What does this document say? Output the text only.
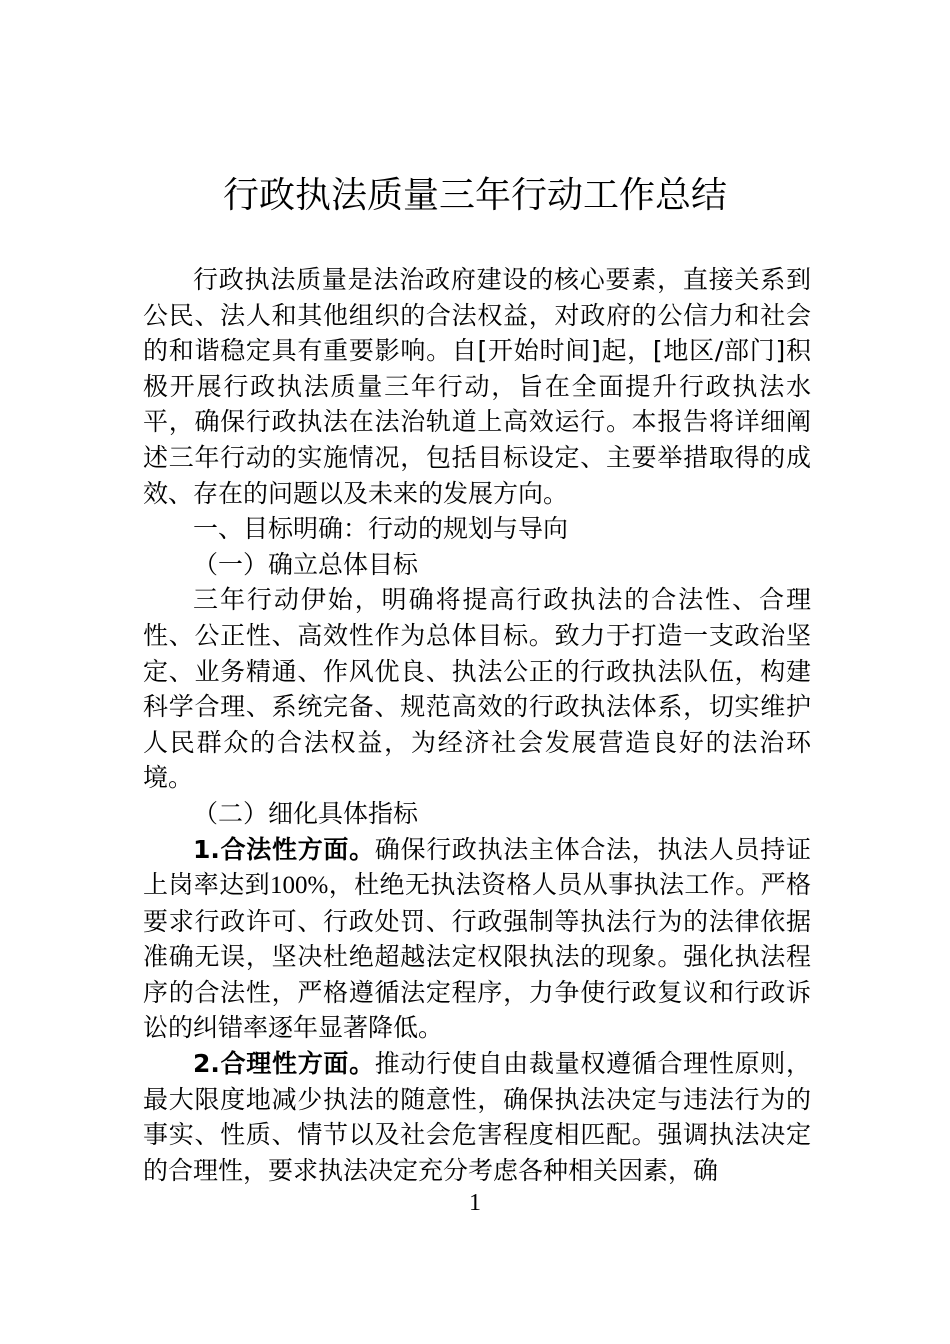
行政执法质量三年行动工作总结

行政执法质量是法治政府建设的核心要素，直接关系到公民、法人和其他组织的合法权益，对政府的公信力和社会的和谐稳定具有重要影响。自[开始时间]起，[地区/部门]积极开展行政执法质量三年行动，旨在全面提升行政执法水平，确保行政执法在法治轨道上高效运行。本报告将详细阐述三年行动的实施情况，包括目标设定、主要举措取得的成效、存在的问题以及未来的发展方向。

一、目标明确：行动的规划与导向

（一）确立总体目标

三年行动伊始，明确将提高行政执法的合法性、合理性、公正性、高效性作为总体目标。致力于打造一支政治坚定、业务精通、作风优良、执法公正的行政执法队伍，构建科学合理、系统完备、规范高效的行政执法体系，切实维护人民群众的合法权益，为经济社会发展营造良好的法治环境。

（二）细化具体指标

1.合法性方面。确保行政执法主体合法，执法人员持证上岗率达到100%，杜绝无执法资格人员从事执法工作。严格要求行政许可、行政处罚、行政强制等执法行为的法律依据准确无误，坚决杜绝超越法定权限执法的现象。强化执法程序的合法性，严格遵循法定程序，力争使行政复议和行政诉讼的纠错率逐年显著降低。

2.合理性方面。推动行使自由裁量权遵循合理性原则，最大限度地减少执法的随意性，确保执法决定与违法行为的事实、性质、情节以及社会危害程度相匹配。强调执法决定的合理性，要求执法决定充分考虑各种相关因素，确

1
